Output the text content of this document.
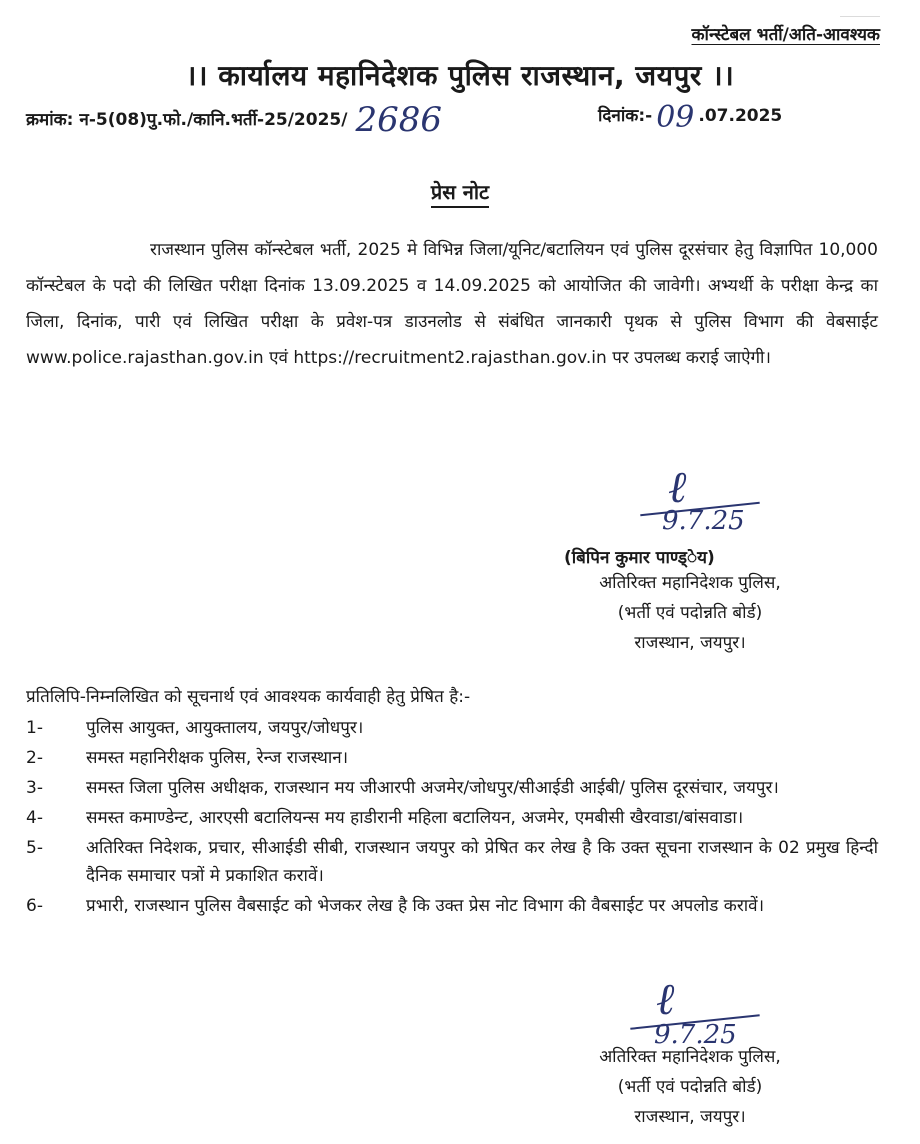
कॉन्स्टेबल भर्ती/अति-आवश्यक
।। कार्यालय महानिदेशक पुलिस राजस्थान, जयपुर ।।
क्रमांक: न-5(08)पु.फो./कानि.भर्ती-25/2025/ 2686	दिनांक:- 09 .07.2025
प्रेस नोट
राजस्थान पुलिस कॉन्स्टेबल भर्ती, 2025 मे विभिन्न जिला/यूनिट/बटालियन एवं पुलिस दूरसंचार हेतु विज्ञापित 10,000 कॉन्स्टेबल के पदो की लिखित परीक्षा दिनांक 13.09.2025 व 14.09.2025 को आयोजित की जावेगी। अभ्यर्थी के परीक्षा केन्द्र का जिला, दिनांक, पारी एवं लिखित परीक्षा के प्रवेश-पत्र डाउनलोड से संबंधित जानकारी पृथक से पुलिस विभाग की वेबसाईट www.police.rajasthan.gov.in एवं https://recruitment2.rajasthan.gov.in पर उपलब्ध कराई जाऐगी।
ℓ
9.7.25
(बिपिन कुमार पाण्ड्ेय)
अतिरिक्त महानिदेशक पुलिस,
(भर्ती एवं पदोन्नति बोर्ड)
राजस्थान, जयपुर।
प्रतिलिपि-निम्नलिखित को सूचनार्थ एवं आवश्यक कार्यवाही हेतु प्रेषित है:-
1-	पुलिस आयुक्त, आयुक्तालय, जयपुर/जोधपुर।
2-	समस्त महानिरीक्षक पुलिस, रेन्ज राजस्थान।
3-	समस्त जिला पुलिस अधीक्षक, राजस्थान मय जीआरपी अजमेर/जोधपुर/सीआईडी आईबी/ पुलिस दूरसंचार, जयपुर।
4-	समस्त कमाण्डेन्ट, आरएसी बटालियन्स मय हाडीरानी महिला बटालियन, अजमेर, एमबीसी खैरवाडा/बांसवाडा।
5-	अतिरिक्त निदेशक, प्रचार, सीआईडी सीबी, राजस्थान जयपुर को प्रेषित कर लेख है कि उक्त सूचना राजस्थान के 02 प्रमुख हिन्दी दैनिक समाचार पत्रों मे प्रकाशित करावें।
6-	प्रभारी, राजस्थान पुलिस वैबसाईट को भेजकर लेख है कि उक्त प्रेस नोट विभाग की वैबसाईट पर अपलोड करावें।
ℓ
9.7.25
अतिरिक्त महानिदेशक पुलिस,
(भर्ती एवं पदोन्नति बोर्ड)
राजस्थान, जयपुर।
